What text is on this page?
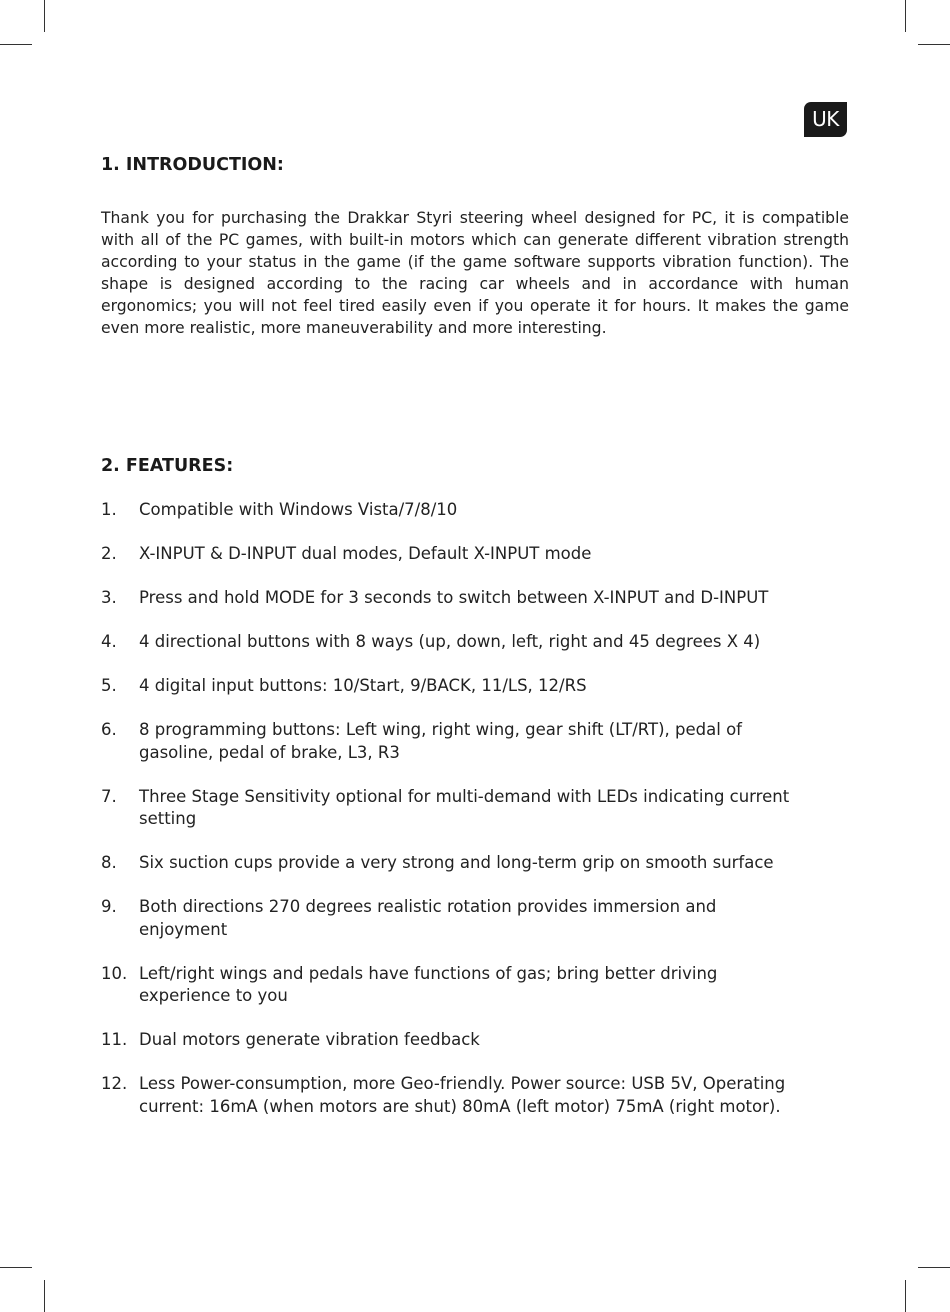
UK
1. INTRODUCTION:

Thank you for purchasing the Drakkar Styri steering wheel designed for PC, it is compatible with all of the PC games, with built-in motors which can generate different vibration strength according to your status in the game (if the game software supports vibration function). The shape is designed according to the racing car wheels and in accordance with human ergonomics; you will not feel tired easily even if you operate it for hours. It makes the game even more realistic, more maneuverability and more interesting.

2. FEATURES:
1.	Compatible with Windows Vista/7/8/10
2.	X-INPUT & D-INPUT dual modes, Default X-INPUT mode
3.	Press and hold MODE for 3 seconds to switch between X-INPUT and D-INPUT
4.	4 directional buttons with 8 ways (up, down, left, right and 45 degrees X 4)
5.	4 digital input buttons: 10/Start, 9/BACK, 11/LS, 12/RS
6.	8 programming buttons: Left wing, right wing, gear shift (LT/RT), pedal of gasoline, pedal of brake, L3, R3
7.	Three Stage Sensitivity optional for multi-demand with LEDs indicating current setting
8.	Six suction cups provide a very strong and long-term grip on smooth surface
9.	Both directions 270 degrees realistic rotation provides immersion and enjoyment
10. Left/right wings and pedals have functions of gas; bring better driving experience to you
11. Dual motors generate vibration feedback
12. Less Power-consumption, more Geo-friendly. Power source: USB 5V, Operating current: 16mA (when motors are shut) 80mA (left motor) 75mA (right motor).
